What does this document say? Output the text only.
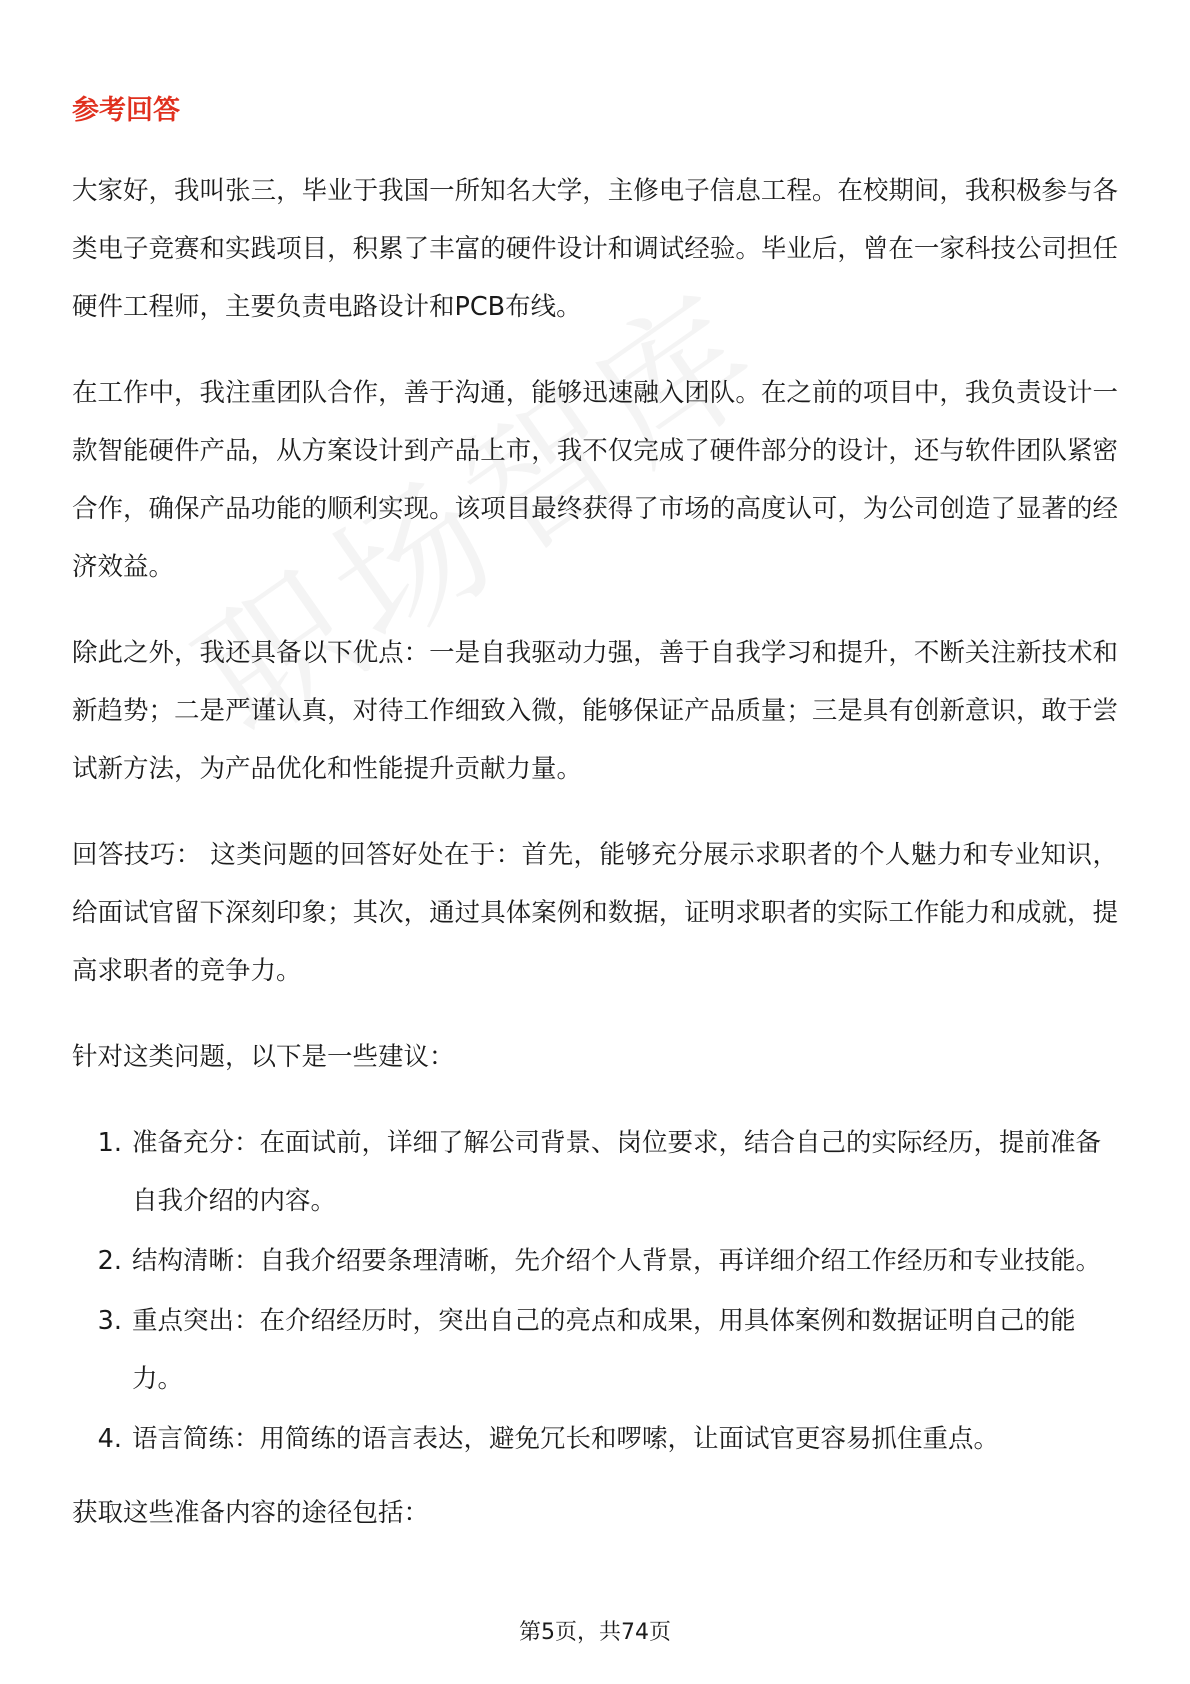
参考回答

大家好，我叫张三，毕业于我国一所知名大学，主修电子信息工程。在校期间，我积极参与各类电子竞赛和实践项目，积累了丰富的硬件设计和调试经验。毕业后，曾在一家科技公司担任硬件工程师，主要负责电路设计和PCB布线。

在工作中，我注重团队合作，善于沟通，能够迅速融入团队。在之前的项目中，我负责设计一款智能硬件产品，从方案设计到产品上市，我不仅完成了硬件部分的设计，还与软件团队紧密合作，确保产品功能的顺利实现。该项目最终获得了市场的高度认可，为公司创造了显著的经济效益。

除此之外，我还具备以下优点：一是自我驱动力强，善于自我学习和提升，不断关注新技术和新趋势；二是严谨认真，对待工作细致入微，能够保证产品质量；三是具有创新意识，敢于尝试新方法，为产品优化和性能提升贡献力量。

回答技巧： 这类问题的回答好处在于：首先，能够充分展示求职者的个人魅力和专业知识，给面试官留下深刻印象；其次，通过具体案例和数据，证明求职者的实际工作能力和成就，提高求职者的竞争力。

针对这类问题，以下是一些建议：

1. 准备充分：在面试前，详细了解公司背景、岗位要求，结合自己的实际经历，提前准备自我介绍的内容。
2. 结构清晰：自我介绍要条理清晰，先介绍个人背景，再详细介绍工作经历和专业技能。
3. 重点突出：在介绍经历时，突出自己的亮点和成果，用具体案例和数据证明自己的能力。
4. 语言简练：用简练的语言表达，避免冗长和啰嗦，让面试官更容易抓住重点。

获取这些准备内容的途径包括：

第5页，共74页
